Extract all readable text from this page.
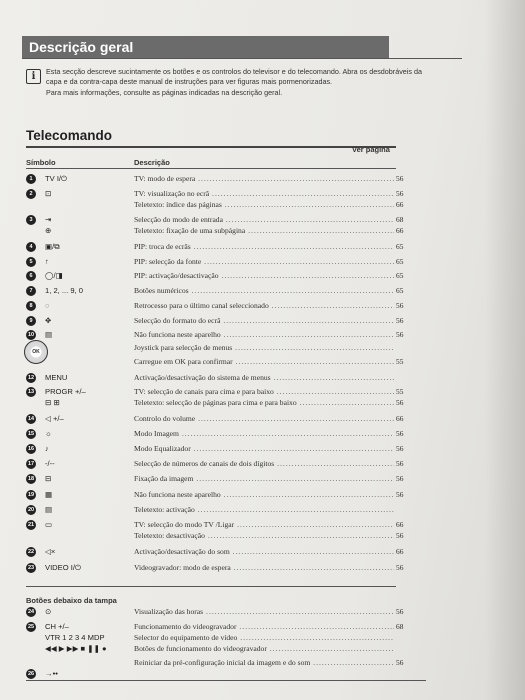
Descrição geral
i	Esta secção descreve sucintamente os botões e os controlos do televisor e do telecomando. Abra os desdobráveis da capa e da contra-capa deste manual de instruções para ver figuras mais pormenorizadas.

Para mais informações, consulte as páginas indicadas na descrição geral.

Telecomando
Símbolo	Descrição
Ver página
1	TV I/⏻	TV: modo de espera .....	56
2	⊡	TV: visualização no ecrã .....	56
Teletexto: índice das páginas .....	66
3	⇥	Selecção do modo de entrada .....	68
⊕	Teletexto: fixação de uma subpágina .....	66
4	▣/⧉	PIP: troca de ecrãs .....	65
5	↑	PIP: selecção da fonte .....	65
6	◯/◨	PIP: activação/desactivação .....	65
7	1, 2, ... 9, 0	Botões numéricos .....	65
8	◌	Retrocesso para o último canal seleccionado .....	56
9	✥	Selecção do formato do ecrã .....	56
10 ▤	Não funciona neste aparelho .....	56
Joystick para selecção de menus .....
OK
Carregue em OK para confirmar .....	55
12 MENU	Activação/desactivação do sistema de menus .....
13 PROGR +/–	TV: selecção de canais para cima e para baixo .....	55
⊟ ⊞	Teletexto: selecção de páginas para cima e para baixo .....	56
14 ◁ +/–	Controlo do volume .....	66
15 ☼	Modo Imagem .....	56
16 ♪	Modo Equalizador .....	56
17 -/--	Selecção de números de canais de dois dígitos .....	56
18 ⊟	Fixação da imagem .....	56
19 ▦	Não funciona neste aparelho .....	56
20 ▤	Teletexto: activação .....
21 ▭	TV: selecção do modo TV /Ligar .....	66
Teletexto: desactivação .....	56
22 ◁×	Activação/desactivação do som .....	66
23 VIDEO I/⏻	Videogravador: modo de espera .....	56
Botões debaixo da tampa
24 ⊙	Visualização das horas .....	56
25 CH +/–	Funcionamento do videogravador .....	68
VTR 1 2 3 4 MDP	Selector do equipamento de vídeo .....
◀◀ ▶ ▶▶ ■ ❚❚ ●	Botões de funcionamento do videogravador .....
Reiniciar da pré-configuração inicial da imagem e do som .....	56
26 →••
